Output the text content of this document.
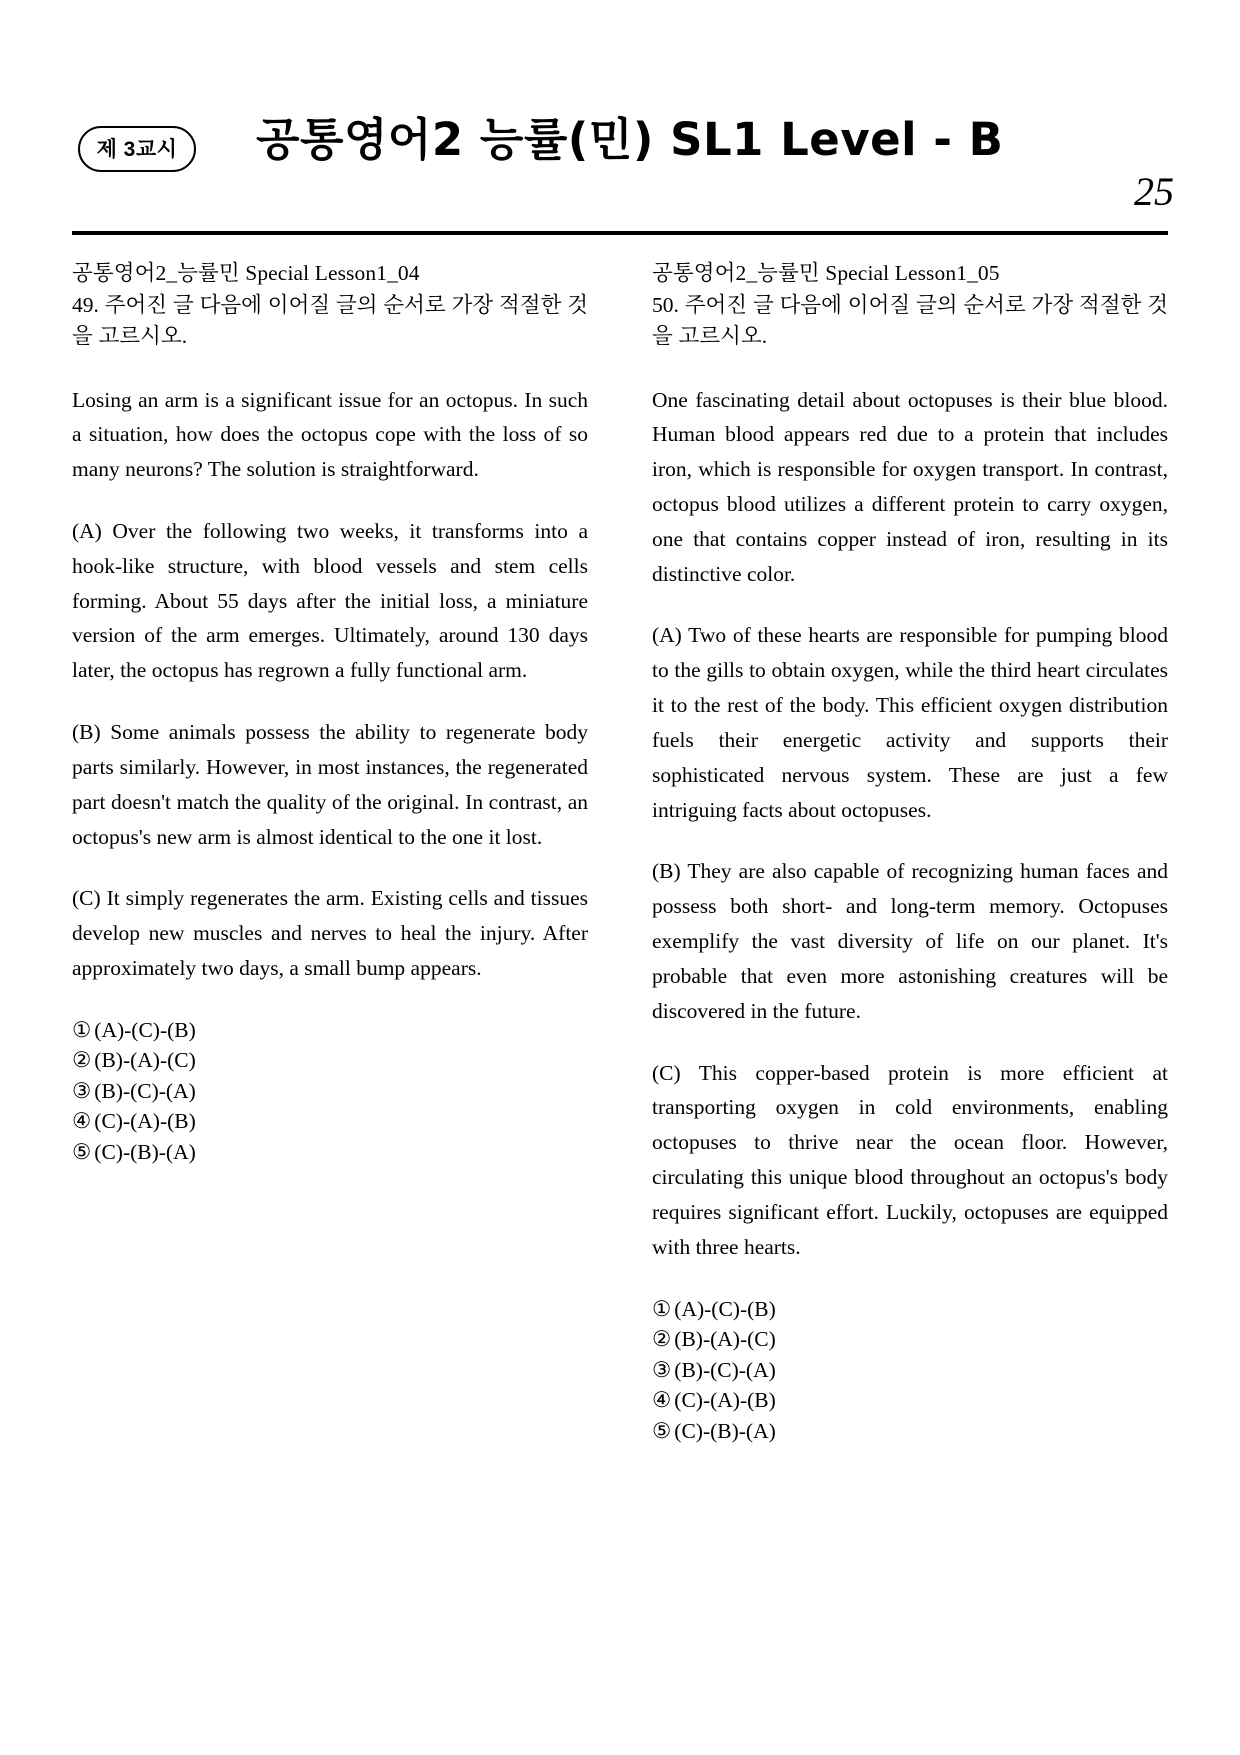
제 3교시 공통영어2 능률(민) SL1 Level - B
25
공통영어2_능률민 Special Lesson1_04
49. 주어진 글 다음에 이어질 글의 순서로 가장 적절한 것을 고르시오.

Losing an arm is a significant issue for an octopus. In such a situation, how does the octopus cope with the loss of so many neurons? The solution is straightforward.

(A) Over the following two weeks, it transforms into a hook-like structure, with blood vessels and stem cells forming. About 55 days after the initial loss, a miniature version of the arm emerges. Ultimately, around 130 days later, the octopus has regrown a fully functional arm.

(B) Some animals possess the ability to regenerate body parts similarly. However, in most instances, the regenerated part doesn't match the quality of the original. In contrast, an octopus's new arm is almost identical to the one it lost.

(C) It simply regenerates the arm. Existing cells and tissues develop new muscles and nerves to heal the injury. After approximately two days, a small bump appears.

① (A)-(C)-(B)
② (B)-(A)-(C)
③ (B)-(C)-(A)
④ (C)-(A)-(B)
⑤ (C)-(B)-(A)
공통영어2_능률민 Special Lesson1_05
50. 주어진 글 다음에 이어질 글의 순서로 가장 적절한 것을 고르시오.

One fascinating detail about octopuses is their blue blood. Human blood appears red due to a protein that includes iron, which is responsible for oxygen transport. In contrast, octopus blood utilizes a different protein to carry oxygen, one that contains copper instead of iron, resulting in its distinctive color.

(A) Two of these hearts are responsible for pumping blood to the gills to obtain oxygen, while the third heart circulates it to the rest of the body. This efficient oxygen distribution fuels their energetic activity and supports their sophisticated nervous system. These are just a few intriguing facts about octopuses.

(B) They are also capable of recognizing human faces and possess both short- and long-term memory. Octopuses exemplify the vast diversity of life on our planet. It's probable that even more astonishing creatures will be discovered in the future.

(C) This copper-based protein is more efficient at transporting oxygen in cold environments, enabling octopuses to thrive near the ocean floor. However, circulating this unique blood throughout an octopus's body requires significant effort. Luckily, octopuses are equipped with three hearts.

① (A)-(C)-(B)
② (B)-(A)-(C)
③ (B)-(C)-(A)
④ (C)-(A)-(B)
⑤ (C)-(B)-(A)
